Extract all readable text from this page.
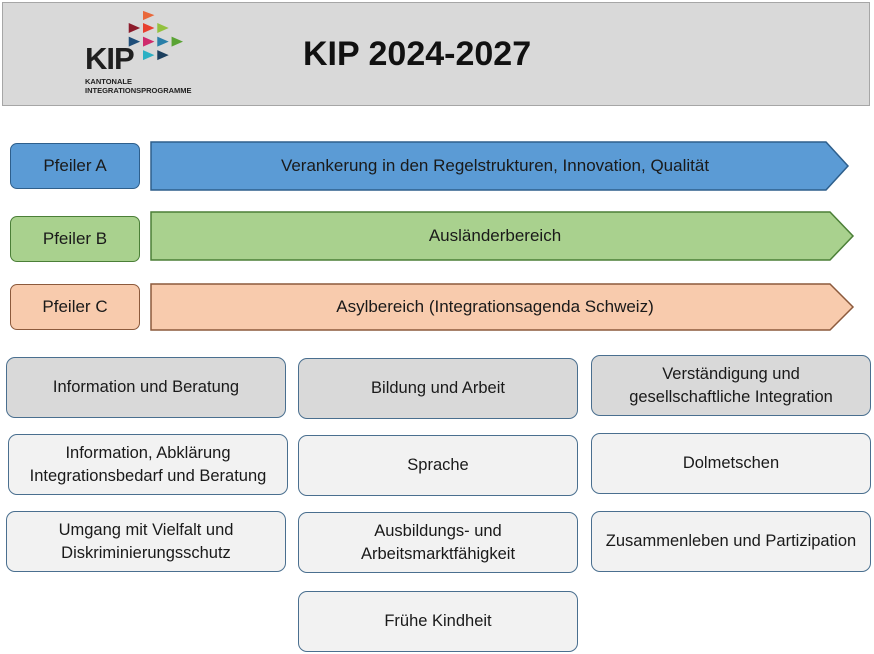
KIP
KANTONALE
INTEGRATIONSPROGRAMME
KIP 2024-2027
Pfeiler A	Verankerung in den Regelstrukturen, Innovation, Qualität
Pfeiler B	Ausländerbereich
Pfeiler C	Asylbereich (Integrationsagenda Schweiz)
Information und Beratung
Information, Abklärung Integrationsbedarf und Beratung
Umgang mit Vielfalt und Diskriminierungsschutz
Bildung und Arbeit
Sprache
Ausbildungs- und Arbeitsmarktfähigkeit
Frühe Kindheit
Verständigung und gesellschaftliche Integration
Dolmetschen
Zusammenleben und Partizipation
